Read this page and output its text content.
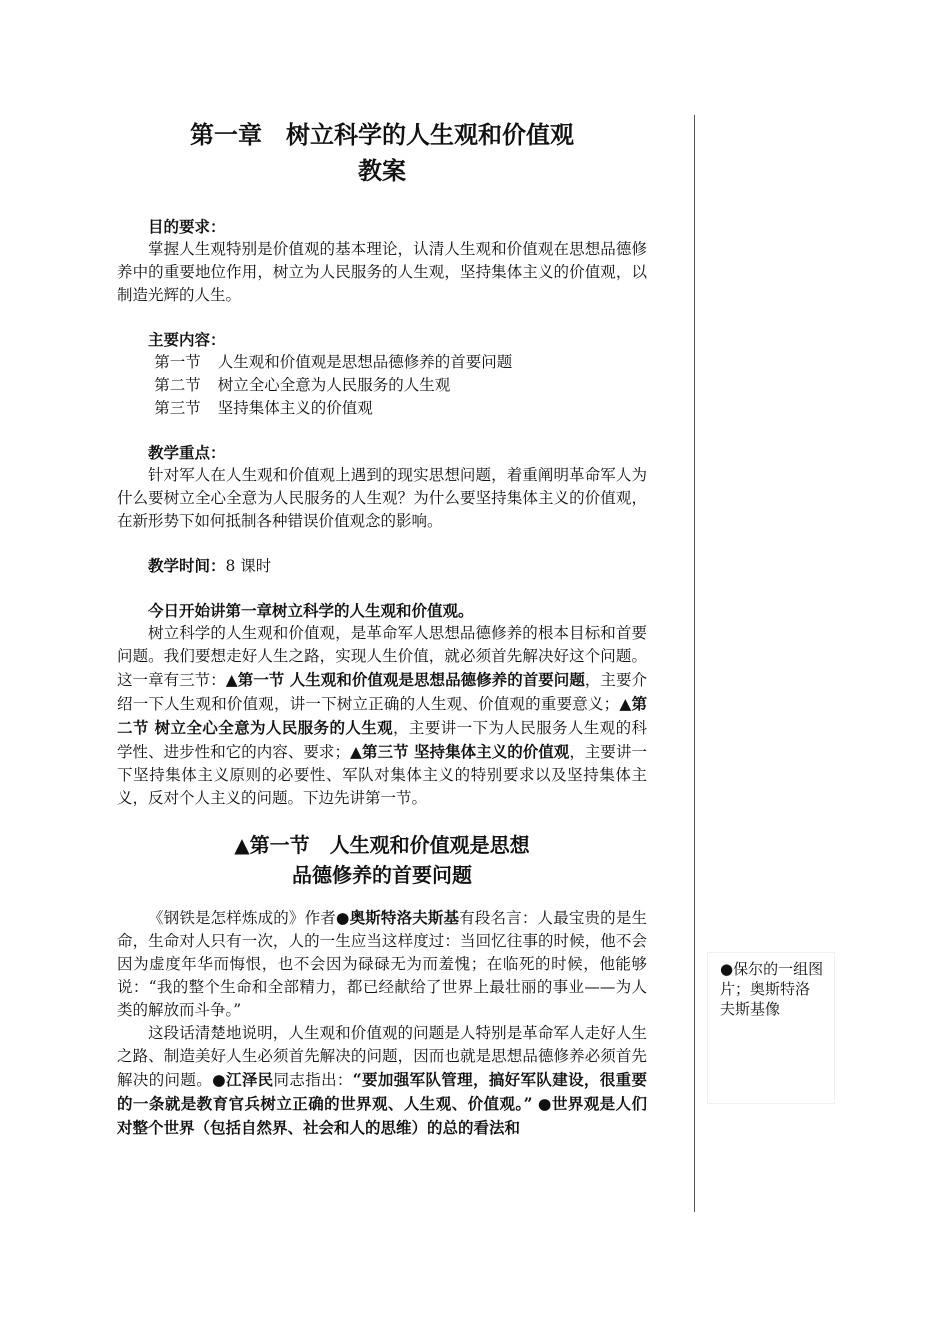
第一章　树立科学的人生观和价值观
教案

目的要求：

掌握人生观特别是价值观的基本理论，认清人生观和价值观在思想品德修养中的重要地位作用，树立为人民服务的人生观，坚持集体主义的价值观，以制造光辉的人生。

主要内容：

第一节 人生观和价值观是思想品德修养的首要问题

第二节 树立全心全意为人民服务的人生观

第三节 坚持集体主义的价值观

教学重点：

针对军人在人生观和价值观上遇到的现实思想问题，着重阐明革命军人为什么要树立全心全意为人民服务的人生观？为什么要坚持集体主义的价值观，在新形势下如何抵制各种错误价值观念的影响。

教学时间：8 课时

今日开始讲第一章树立科学的人生观和价值观。

树立科学的人生观和价值观，是革命军人思想品德修养的根本目标和首要问题。我们要想走好人生之路，实现人生价值，就必须首先解决好这个问题。这一章有三节：▲第一节 人生观和价值观是思想品德修养的首要问题，主要介绍一下人生观和价值观，讲一下树立正确的人生观、价值观的重要意义；▲第二节 树立全心全意为人民服务的人生观，主要讲一下为人民服务人生观的科学性、进步性和它的内容、要求；▲第三节 坚持集体主义的价值观，主要讲一下坚持集体主义原则的必要性、军队对集体主义的特别要求以及坚持集体主义，反对个人主义的问题。下边先讲第一节。

▲第一节　人生观和价值观是思想
品德修养的首要问题

《钢铁是怎样炼成的》作者●奥斯特洛夫斯基有段名言：人最宝贵的是生命，生命对人只有一次，人的一生应当这样度过：当回忆往事的时候，他不会因为虚度年华而悔恨，也不会因为碌碌无为而羞愧；在临死的时候，他能够说：“我的整个生命和全部精力，都已经献给了世界上最壮丽的事业——为人类的解放而斗争。”

这段话清楚地说明，人生观和价值观的问题是人特别是革命军人走好人生之路、制造美好人生必须首先解决的问题，因而也就是思想品德修养必须首先解决的问题。●江泽民同志指出：“要加强军队管理，搞好军队建设，很重要的一条就是教育官兵树立正确的世界观、人生观、价值观。” ●世界观是人们对整个世界（包括自然界、社会和人的思维）的总的看法和

●保尔的一组图片；奥斯特洛夫斯基像
